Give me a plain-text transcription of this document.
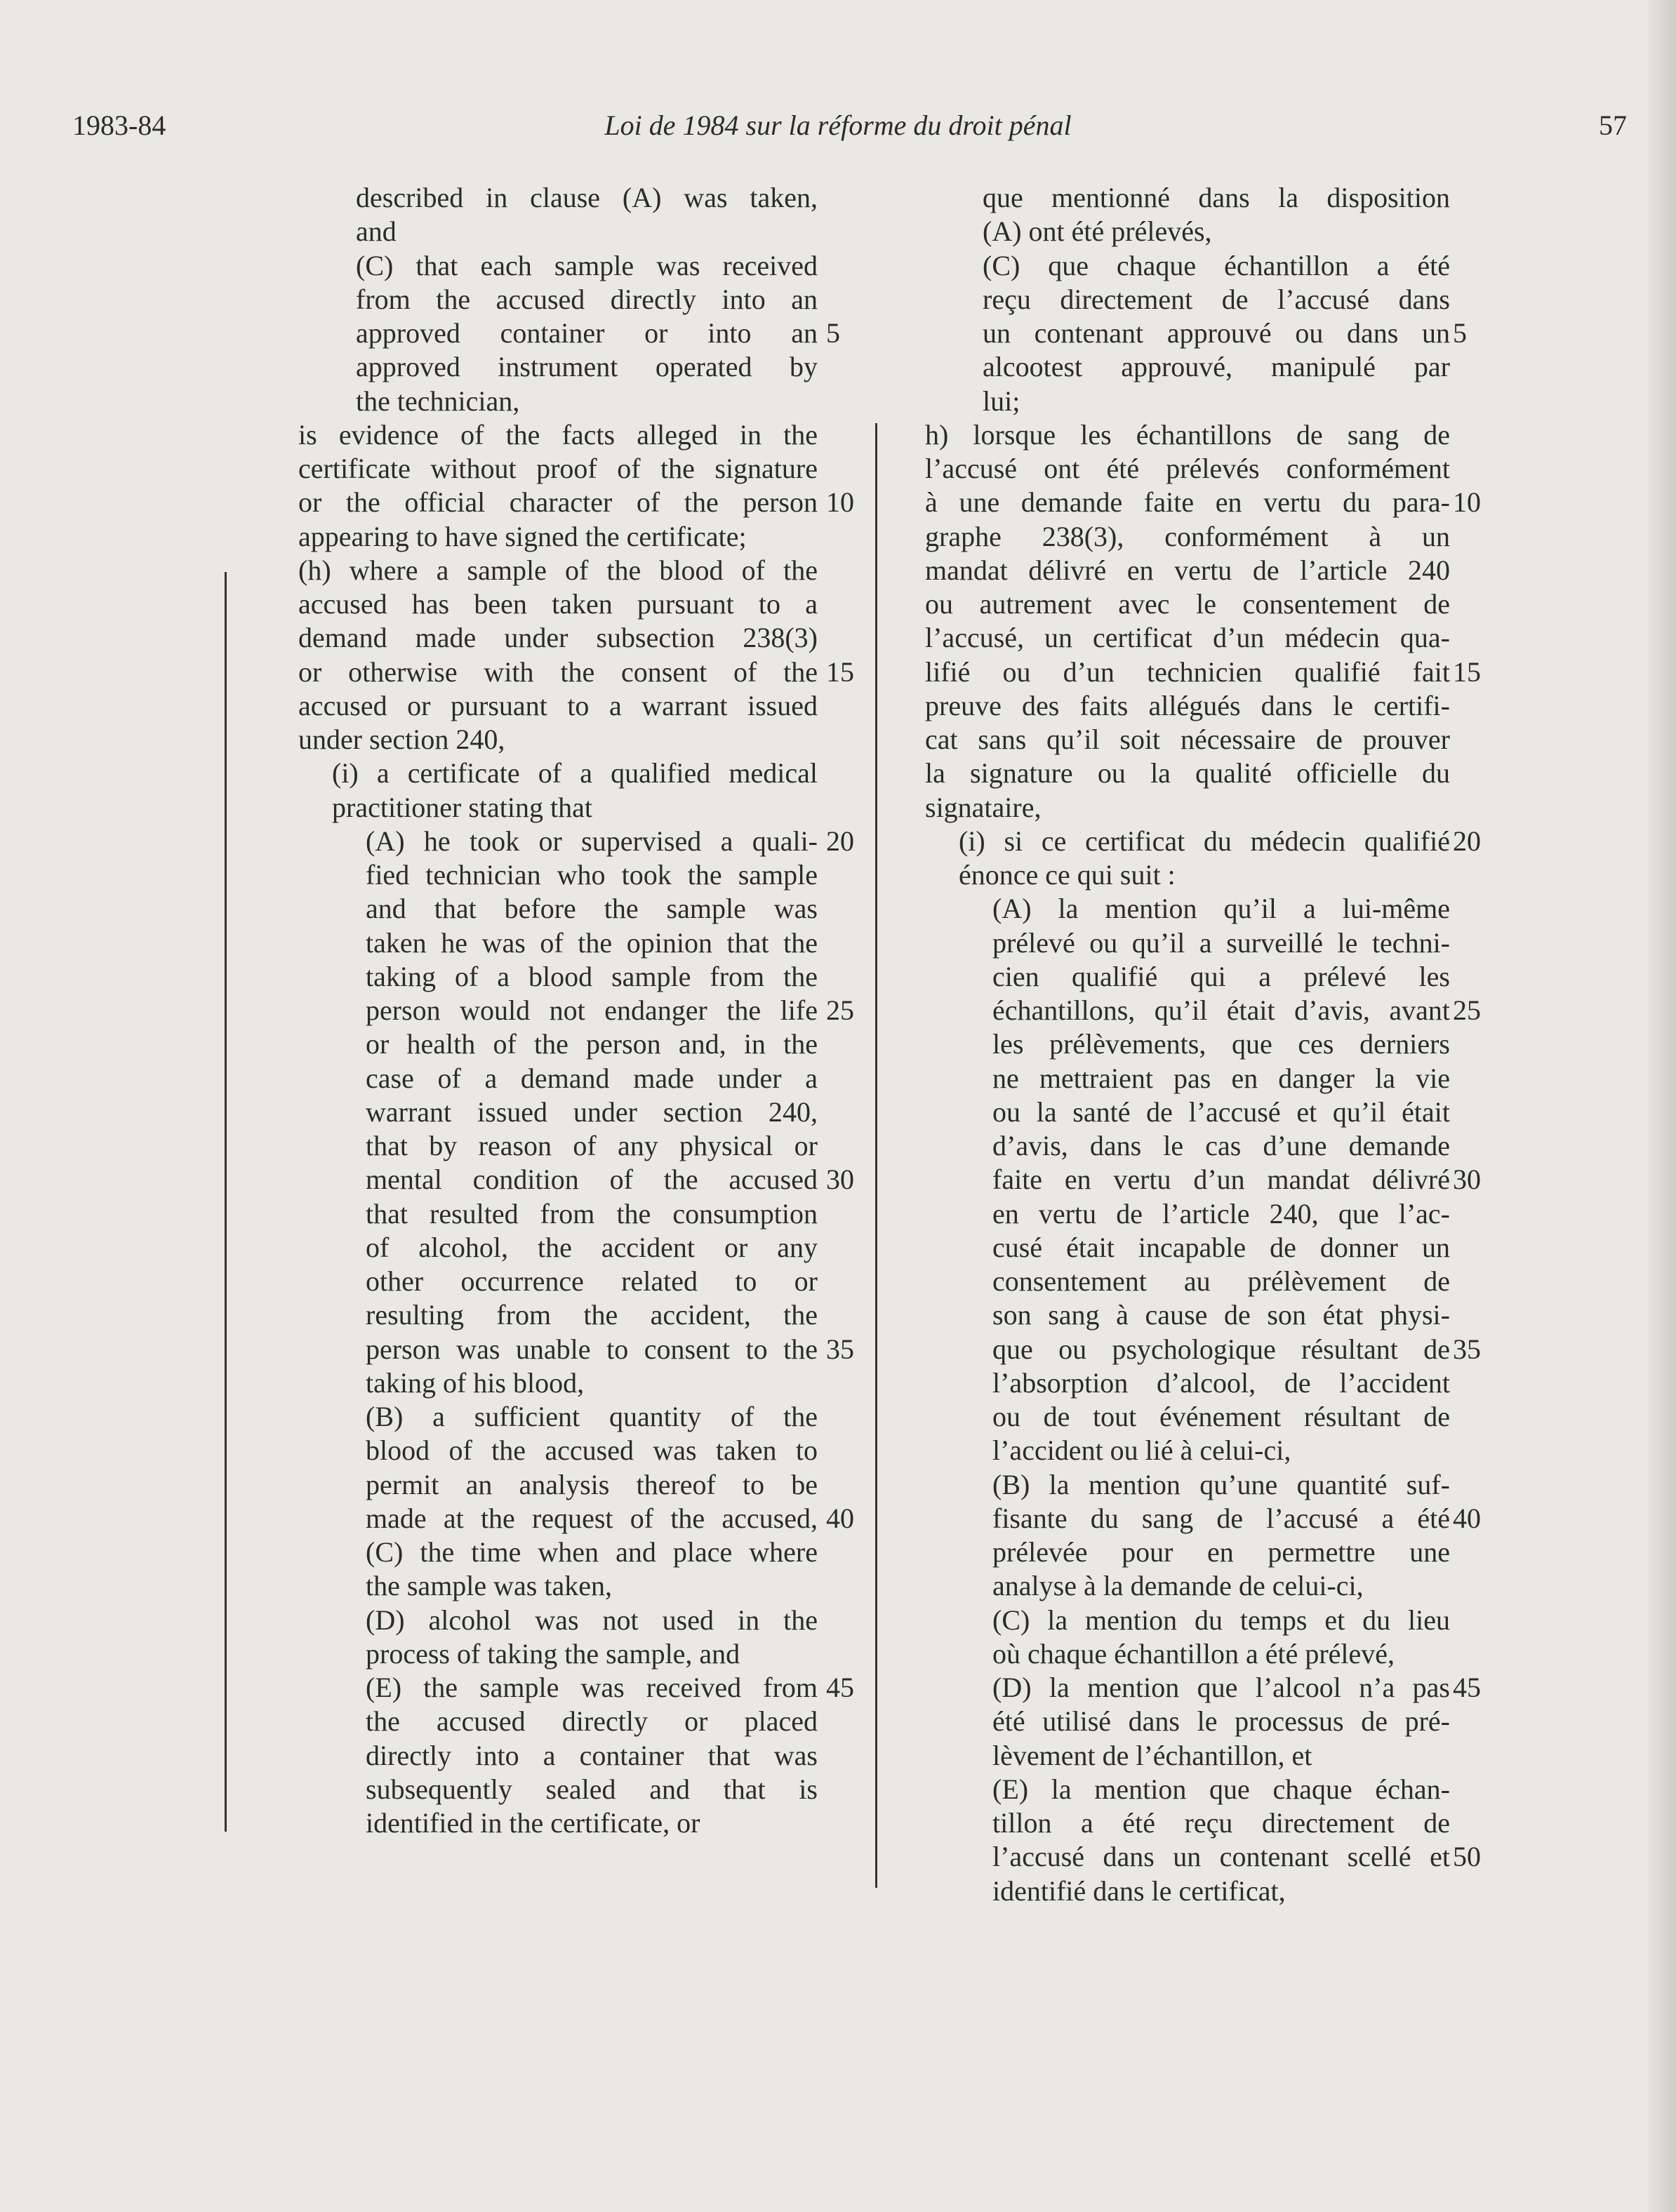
1983-84	Loi de 1984 sur la réforme du droit pénal	57
described in clause (A) was taken,
and
(C) that each sample was received
from the accused directly into an
approved container or into an 5
approved instrument operated by
the technician,
is evidence of the facts alleged in the
certificate without proof of the signature
or the official character of the person 10
appearing to have signed the certificate;
(h) where a sample of the blood of the
accused has been taken pursuant to a
demand made under subsection 238(3)
or otherwise with the consent of the 15
accused or pursuant to a warrant issued
under section 240,
(i) a certificate of a qualified medical
practitioner stating that
(A) he took or supervised a quali- 20
fied technician who took the sample
and that before the sample was
taken he was of the opinion that the
taking of a blood sample from the
person would not endanger the life 25
or health of the person and, in the
case of a demand made under a
warrant issued under section 240,
that by reason of any physical or
mental condition of the accused 30
that resulted from the consumption
of alcohol, the accident or any
other occurrence related to or
resulting from the accident, the
person was unable to consent to the 35
taking of his blood,
(B) a sufficient quantity of the
blood of the accused was taken to
permit an analysis thereof to be
made at the request of the accused, 40
(C) the time when and place where
the sample was taken,
(D) alcohol was not used in the
process of taking the sample, and
(E) the sample was received from 45
the accused directly or placed
directly into a container that was
subsequently sealed and that is
identified in the certificate, or
que mentionné dans la disposition
(A) ont été prélevés,
(C) que chaque échantillon a été
reçu directement de l’accusé dans
un contenant approuvé ou dans un 5
alcootest approuvé, manipulé par
lui;
h) lorsque les échantillons de sang de
l’accusé ont été prélevés conformément
à une demande faite en vertu du para- 10
graphe 238(3), conformément à un
mandat délivré en vertu de l’article 240
ou autrement avec le consentement de
l’accusé, un certificat d’un médecin qua-
lifié ou d’un technicien qualifié fait 15
preuve des faits allégués dans le certifi-
cat sans qu’il soit nécessaire de prouver
la signature ou la qualité officielle du
signataire,
(i) si ce certificat du médecin qualifié 20
énonce ce qui suit :
(A) la mention qu’il a lui-même
prélevé ou qu’il a surveillé le techni-
cien qualifié qui a prélevé les
échantillons, qu’il était d’avis, avant 25
les prélèvements, que ces derniers
ne mettraient pas en danger la vie
ou la santé de l’accusé et qu’il était
d’avis, dans le cas d’une demande
faite en vertu d’un mandat délivré 30
en vertu de l’article 240, que l’ac-
cusé était incapable de donner un
consentement au prélèvement de
son sang à cause de son état physi-
que ou psychologique résultant de 35
l’absorption d’alcool, de l’accident
ou de tout événement résultant de
l’accident ou lié à celui-ci,
(B) la mention qu’une quantité suf-
fisante du sang de l’accusé a été 40
prélevée pour en permettre une
analyse à la demande de celui-ci,
(C) la mention du temps et du lieu
où chaque échantillon a été prélevé,
(D) la mention que l’alcool n’a pas 45
été utilisé dans le processus de pré-
lèvement de l’échantillon, et
(E) la mention que chaque échan-
tillon a été reçu directement de
l’accusé dans un contenant scellé et 50
identifié dans le certificat,
